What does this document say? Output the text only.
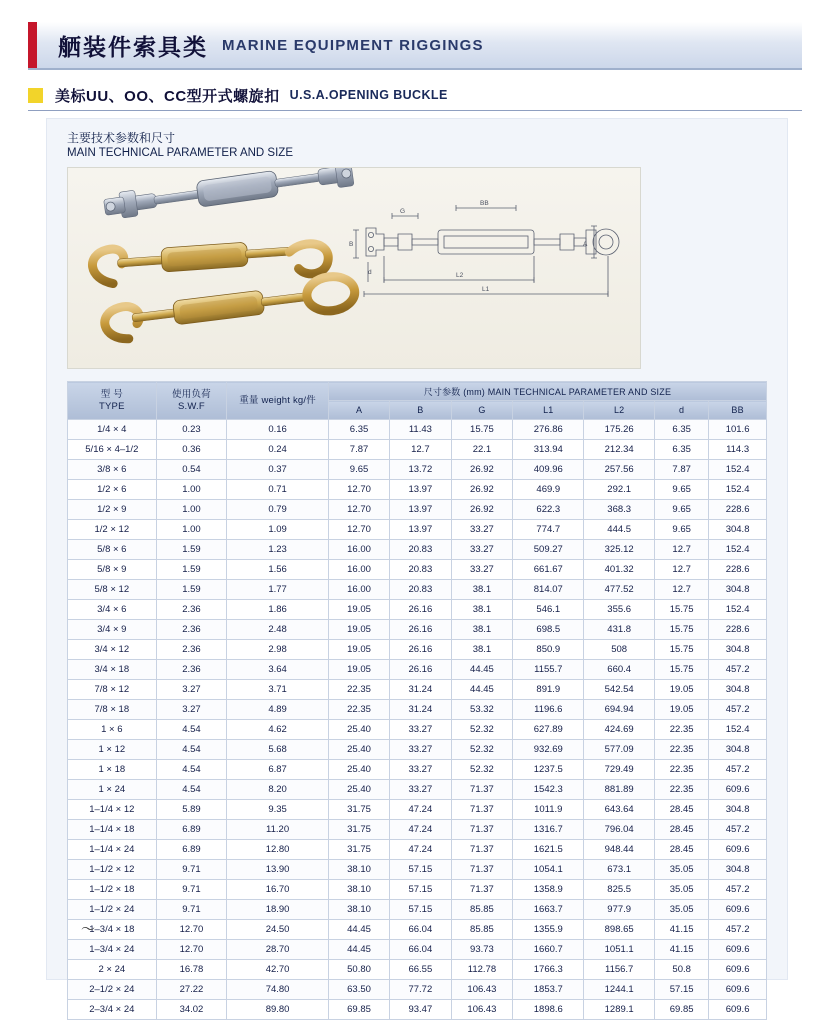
舾装件索具类 MARINE EQUIPMENT RIGGINGS
美标UU、OO、CC型开式螺旋扣 U.S.A.OPENING BUCKLE
主要技术参数和尺寸
MAIN TECHNICAL PARAMETER AND SIZE
G
BB
B	A
d	L2
L1
型 号
TYPE

使用负荷
S.W.F
	重量 weight kg/件	尺寸参数 (mm) MAIN TECHNICAL PARAMETER AND SIZE
			A	B	G	L1	L2	d	BB
1/4 × 4	0.23	0.16	6.35	11.43	15.75	276.86	175.26	6.35	101.6
5/16 × 4–1/2	0.36	0.24	7.87	12.7	22.1	313.94	212.34	6.35	114.3
3/8 × 6	0.54	0.37	9.65	13.72	26.92	409.96	257.56	7.87	152.4
1/2 × 6	1.00	0.71	12.70	13.97	26.92	469.9	292.1	9.65	152.4
1/2 × 9	1.00	0.79	12.70	13.97	26.92	622.3	368.3	9.65	228.6
1/2 × 12	1.00	1.09	12.70	13.97	33.27	774.7	444.5	9.65	304.8
5/8 × 6	1.59	1.23	16.00	20.83	33.27	509.27	325.12	12.7	152.4
5/8 × 9	1.59	1.56	16.00	20.83	33.27	661.67	401.32	12.7	228.6
5/8 × 12	1.59	1.77	16.00	20.83	38.1	814.07	477.52	12.7	304.8
3/4 × 6	2.36	1.86	19.05	26.16	38.1	546.1	355.6	15.75	152.4
3/4 × 9	2.36	2.48	19.05	26.16	38.1	698.5	431.8	15.75	228.6
3/4 × 12	2.36	2.98	19.05	26.16	38.1	850.9	508	15.75	304.8
3/4 × 18	2.36	3.64	19.05	26.16	44.45	1155.7	660.4	15.75	457.2
7/8 × 12	3.27	3.71	22.35	31.24	44.45	891.9	542.54	19.05	304.8
7/8 × 18	3.27	4.89	22.35	31.24	53.32	1196.6	694.94	19.05	457.2
1 × 6	4.54	4.62	25.40	33.27	52.32	627.89	424.69	22.35	152.4
1 × 12	4.54	5.68	25.40	33.27	52.32	932.69	577.09	22.35	304.8
1 × 18	4.54	6.87	25.40	33.27	52.32	1237.5	729.49	22.35	457.2
1 × 24	4.54	8.20	25.40	33.27	71.37	1542.3	881.89	22.35	609.6
1–1/4 × 12	5.89	9.35	31.75	47.24	71.37	1011.9	643.64	28.45	304.8
1–1/4 × 18	6.89	11.20	31.75	47.24	71.37	1316.7	796.04	28.45	457.2
1–1/4 × 24	6.89	12.80	31.75	47.24	71.37	1621.5	948.44	28.45	609.6
1–1/2 × 12	9.71	13.90	38.10	57.15	71.37	1054.1	673.1	35.05	304.8
1–1/2 × 18	9.71	16.70	38.10	57.15	71.37	1358.9	825.5	35.05	457.2
1–1/2 × 24	9.71	18.90	38.10	57.15	85.85	1663.7	977.9	35.05	609.6
1–3/4 × 18	12.70	24.50	44.45	66.04	85.85	1355.9	898.65	41.15	457.2
1–3/4 × 24	12.70	28.70	44.45	66.04	93.73	1660.7	1051.1	41.15	609.6
2 × 24	16.78	42.70	50.80	66.55	112.78	1766.3	1156.7	50.8	609.6
2–1/2 × 24	27.22	74.80	63.50	77.72	106.43	1853.7	1244.1	57.15	609.6
2–3/4 × 24	34.02	89.80	69.85	93.47	106.43	1898.6	1289.1	69.85	609.6
〜
